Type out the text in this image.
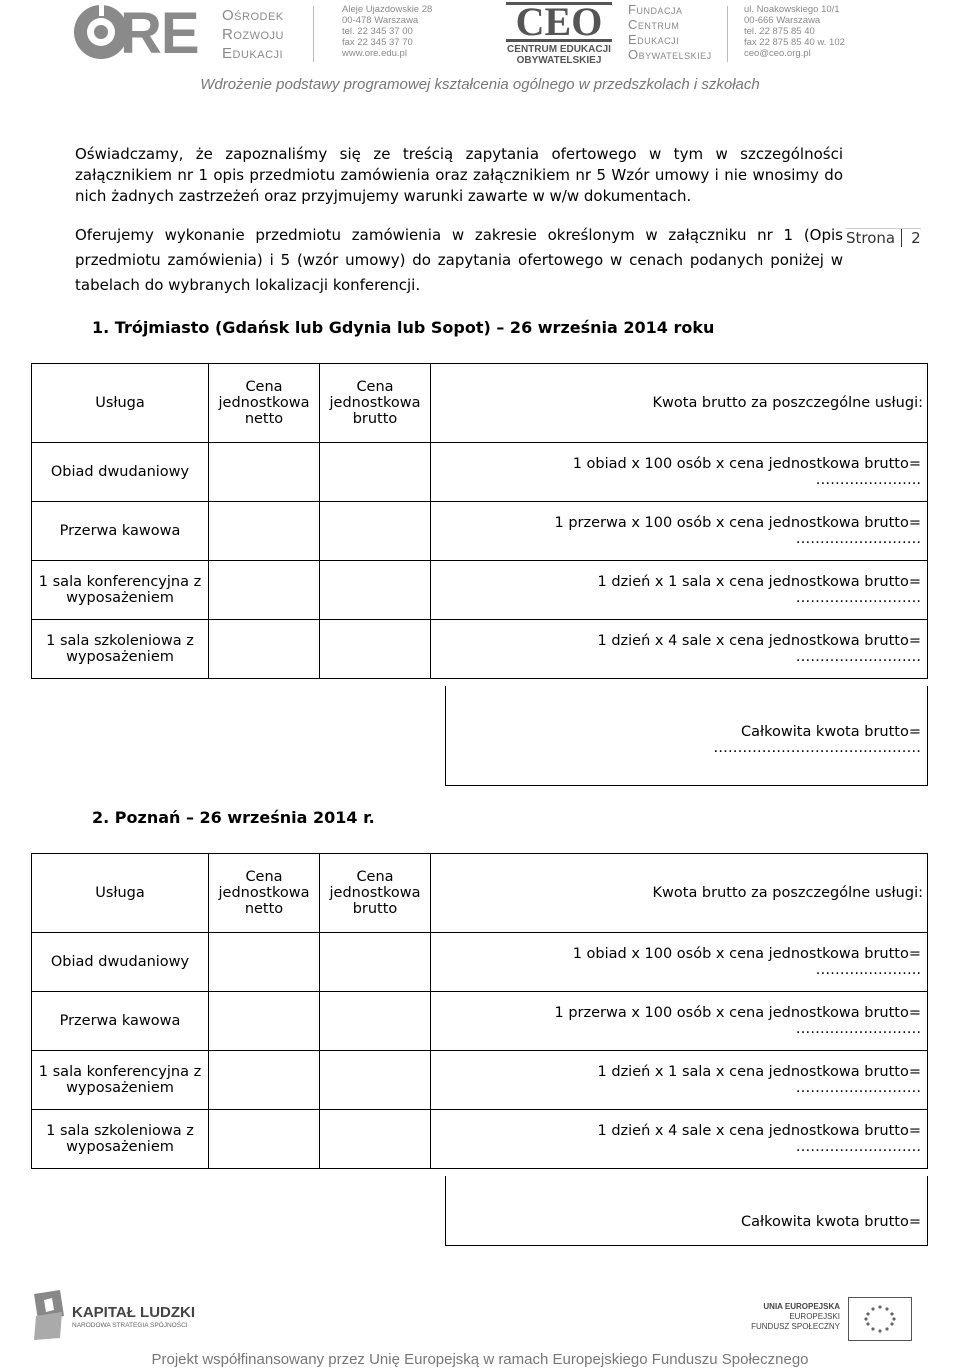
RE Ośrodek
Rozwoju
Edukacji
Aleje Ujazdowskie 28
00-478 Warszawa
tel. 22 345 37 00
fax 22 345 37 70
www.ore.edu.pl
CEO
CENTRUM EDUKACJI
OBYWATELSKIEJ
Fundacja
Centrum
Edukacji
Obywatelskiej
ul. Noakowskiego 10/1
00-666 Warszawa
tel. 22 875 85 40
fax 22 875 85 40 w. 102
ceo@ceo.org.pl
Wdrożenie podstawy programowej kształcenia ogólnego w przedszkolach i szkołach
Oświadczamy, że zapoznaliśmy się ze treścią zapytania ofertowego w tym w szczególności załącznikiem nr 1 opis przedmiotu zamówienia oraz załącznikiem nr 5 Wzór umowy i nie wnosimy do nich żadnych zastrzeżeń oraz przyjmujemy warunki zawarte w w/w dokumentach.
Oferujemy wykonanie przedmiotu zamówienia w zakresie określonym w załączniku nr 1 (Opis przedmiotu zamówienia) i 5 (wzór umowy) do zapytania ofertowego w cenach podanych poniżej w tabelach do wybranych lokalizacji konferencji.
Strona 2
1. Trójmiasto (Gdańsk lub Gdynia lub Sopot) – 26 września 2014 roku
Usługa	Cena jednostkowa netto	Cena jednostkowa brutto	Kwota brutto za poszczególne usługi:
Obiad dwudaniowy			1 obiad x 100 osób x cena jednostkowa brutto=
………..………..

Przerwa kawowa			1 przerwa x 100 osób x cena jednostkowa brutto=
…………….……….

1 sala konferencyjna z wyposażeniem			1 dzień x 1 sala x cena jednostkowa brutto=
…………….……….

1 sala szkoleniowa z wyposażeniem			1 dzień x 4 sale x cena jednostkowa brutto=
…………….……….
Całkowita kwota brutto=
………………………….…………
2. Poznań – 26 września 2014 r.
Usługa	Cena jednostkowa netto	Cena jednostkowa brutto	Kwota brutto za poszczególne usługi:
Obiad dwudaniowy			1 obiad x 100 osób x cena jednostkowa brutto=
………..………..

Przerwa kawowa			1 przerwa x 100 osób x cena jednostkowa brutto=
…………….……….

1 sala konferencyjna z wyposażeniem			1 dzień x 1 sala x cena jednostkowa brutto=
…………….……….

1 sala szkoleniowa z wyposażeniem			1 dzień x 4 sale x cena jednostkowa brutto=
…………….……….
Całkowita kwota brutto=
KAPITAŁ LUDZKI
NARODOWA STRATEGIA SPÓJNOŚCI
UNIA EUROPEJSKA
EUROPEJSKI
FUNDUSZ SPOŁECZNY
Projekt współfinansowany przez Unię Europejską w ramach Europejskiego Funduszu Społecznego
